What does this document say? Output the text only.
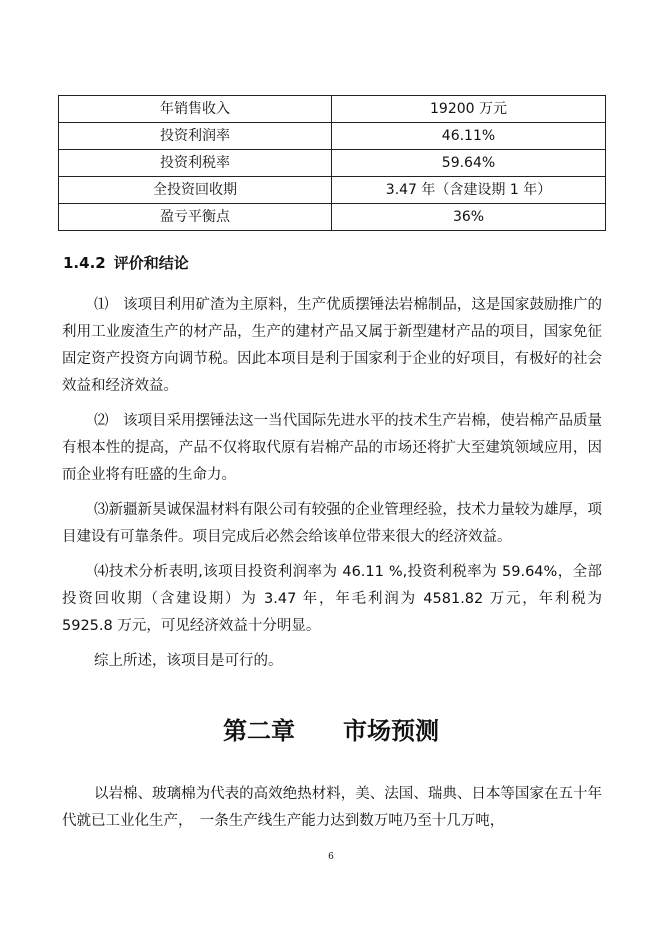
年销售收入	19200 万元
投资利润率	46.11%
投资利税率	59.64%
全投资回收期	3.47 年（含建设期 1 年）
盈亏平衡点	36%
1.4.2 评价和结论

⑴　该项目利用矿渣为主原料，生产优质摆锤法岩棉制品，这是国家鼓励推广的利用工业废渣生产的材产品，生产的建材产品又属于新型建材产品的项目，国家免征固定资产投资方向调节税。因此本项目是利于国家利于企业的好项目，有极好的社会效益和经济效益。

⑵　该项目采用摆锤法这一当代国际先进水平的技术生产岩棉，使岩棉产品质量有根本性的提高，产品不仅将取代原有岩棉产品的市场还将扩大至建筑领域应用，因而企业将有旺盛的生命力。

⑶新疆新昊诚保温材料有限公司有较强的企业管理经验，技术力量较为雄厚，项目建设有可靠条件。项目完成后必然会给该单位带来很大的经济效益。

⑷技术分析表明,该项目投资利润率为 46.11 %,投资利税率为 59.64%，全部投资回收期（含建设期）为 3.47 年，年毛利润为 4581.82 万元，年利税为 5925.8 万元，可见经济效益十分明显。

综上所述，该项目是可行的。

第二章 市场预测

以岩棉、玻璃棉为代表的高效绝热材料，美、法国、瑞典、日本等国家在五十年代就已工业化生产，　一条生产线生产能力达到数万吨乃至十几万吨，

6
